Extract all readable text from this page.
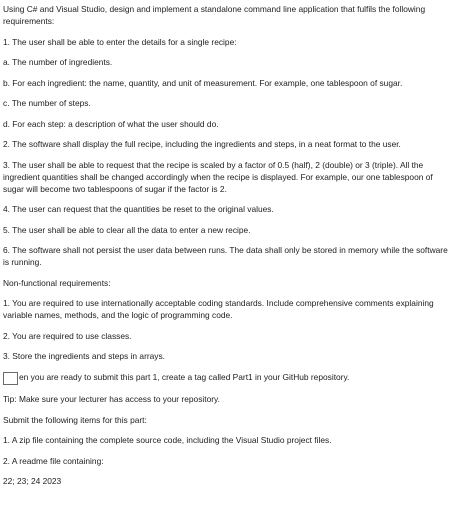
Using C# and Visual Studio, design and implement a standalone command line application that fulfils the following requirements:
1. The user shall be able to enter the details for a single recipe:
a. The number of ingredients.
b. For each ingredient: the name, quantity, and unit of measurement. For example, one tablespoon of sugar.
c. The number of steps.
d. For each step: a description of what the user should do.
2. The software shall display the full recipe, including the ingredients and steps, in a neat format to the user.
3. The user shall be able to request that the recipe is scaled by a factor of 0.5 (half), 2 (double) or 3 (triple). All the ingredient quantities shall be changed accordingly when the recipe is displayed. For example, our one tablespoon of sugar will become two tablespoons of sugar if the factor is 2.
4. The user can request that the quantities be reset to the original values.
5. The user shall be able to clear all the data to enter a new recipe.
6. The software shall not persist the user data between runs. The data shall only be stored in memory while the software is running.
Non-functional requirements:
1. You are required to use internationally acceptable coding standards. Include comprehensive comments explaining variable names, methods, and the logic of programming code.
2. You are required to use classes.
3. Store the ingredients and steps in arrays.
en you are ready to submit this part 1, create a tag called Part1 in your GitHub repository.
Tip: Make sure your lecturer has access to your repository.
Submit the following items for this part:
1. A zip file containing the complete source code, including the Visual Studio project files.
2. A readme file containing:
22; 23; 24 2023
